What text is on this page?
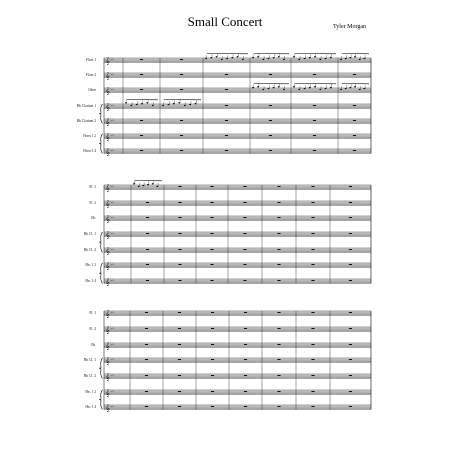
Small Concert	Tyler Morgan
Flute 1
Flute 2
Oboe
Bb Clarinet 1
Bb Clarinet 2
Horn 1 2
Horn 3 4
Fl. 1
Fl. 2
Ob.
Bb Cl. 1
Bb Cl. 2
Hn. 1 2
Hn. 3 4
Fl. 1
Fl. 2
Ob.
Bb Cl. 1
Bb Cl. 2
Hn. 1 2
Hn. 3 4
𝄞 ♭♭
𝄞 ♭♭
𝄞 ♭♭
𝄞 ♭♭
𝄞 ♭♭
𝄞 ♭♭
𝄞 ♭♭
𝄞 ♭♭
𝄞 ♭♭
𝄞 ♭♭
𝄞 ♭♭
𝄞 ♭♭
𝄞 ♭♭
𝄞 ♭♭
𝄞 ♭♭
𝄞 ♭♭
𝄞 ♭♭
𝄞 ♭♭
𝄞 ♭♭
𝄞 ♭♭
𝄞 ♭♭
